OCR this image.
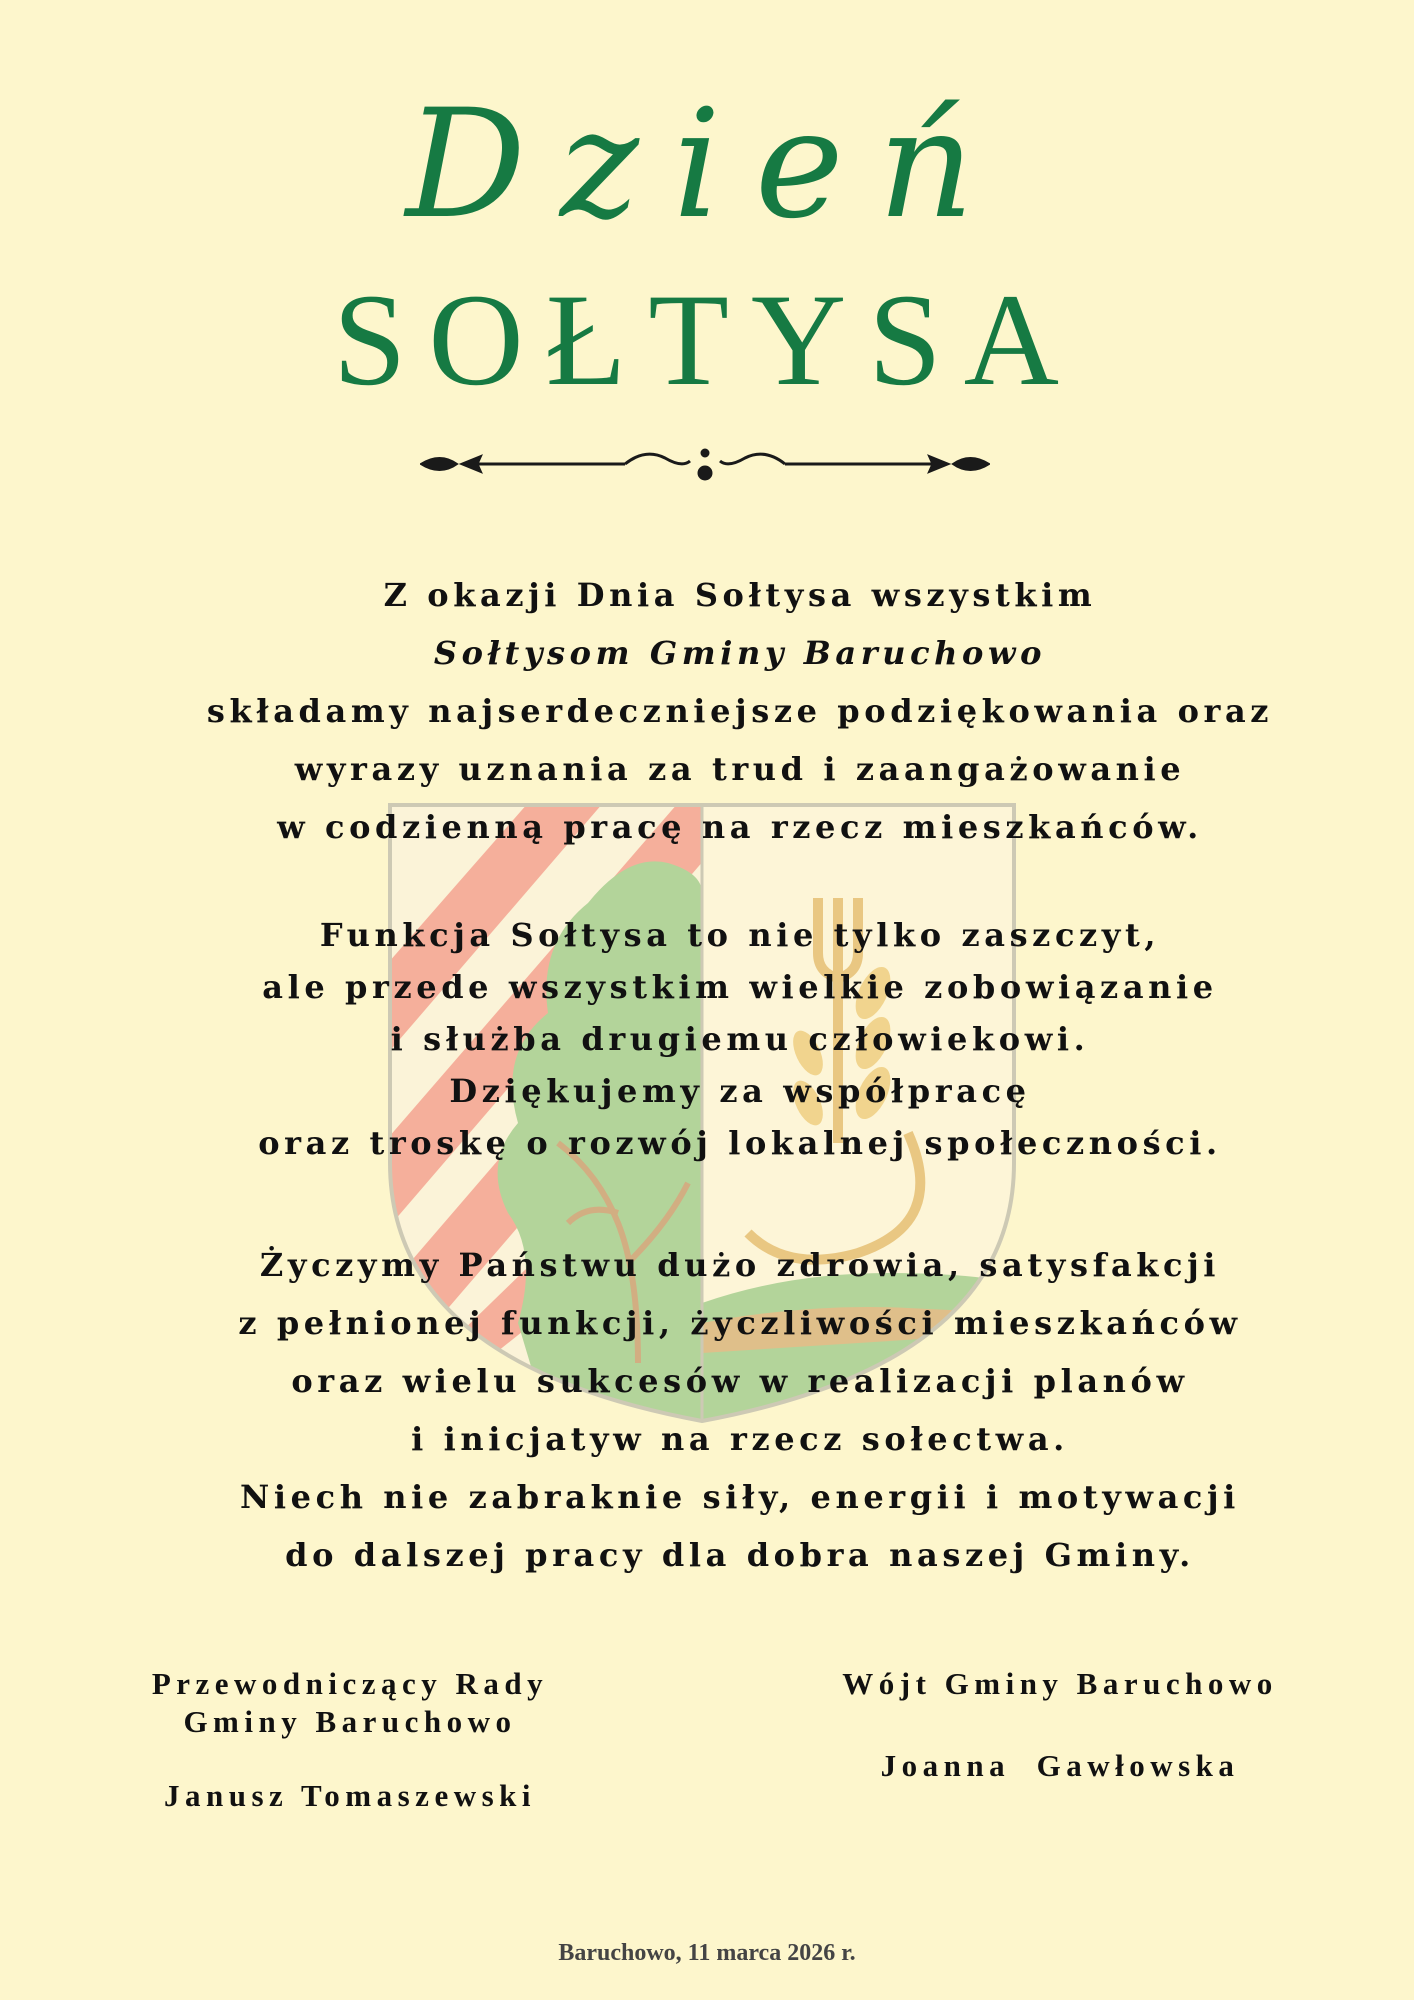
Dzień
SOŁTYSA
Z okazji Dnia Sołtysa wszystkim
Sołtysom Gminy Baruchowo
składamy najserdeczniejsze podziękowania oraz
wyrazy uznania za trud i zaangażowanie
w codzienną pracę na rzecz mieszkańców.
Funkcja Sołtysa to nie tylko zaszczyt,
ale przede wszystkim wielkie zobowiązanie
i służba drugiemu człowiekowi.
Dziękujemy za współpracę
oraz troskę o rozwój lokalnej społeczności.
Życzymy Państwu dużo zdrowia, satysfakcji
z pełnionej funkcji, życzliwości mieszkańców
oraz wielu sukcesów w realizacji planów
i inicjatyw na rzecz sołectwa.
Niech nie zabraknie siły, energii i motywacji
do dalszej pracy dla dobra naszej Gminy.
Przewodniczący Rady
Gminy Baruchowo
Janusz Tomaszewski
Wójt Gminy Baruchowo
Joanna  Gawłowska
Baruchowo, 11 marca 2026 r.
